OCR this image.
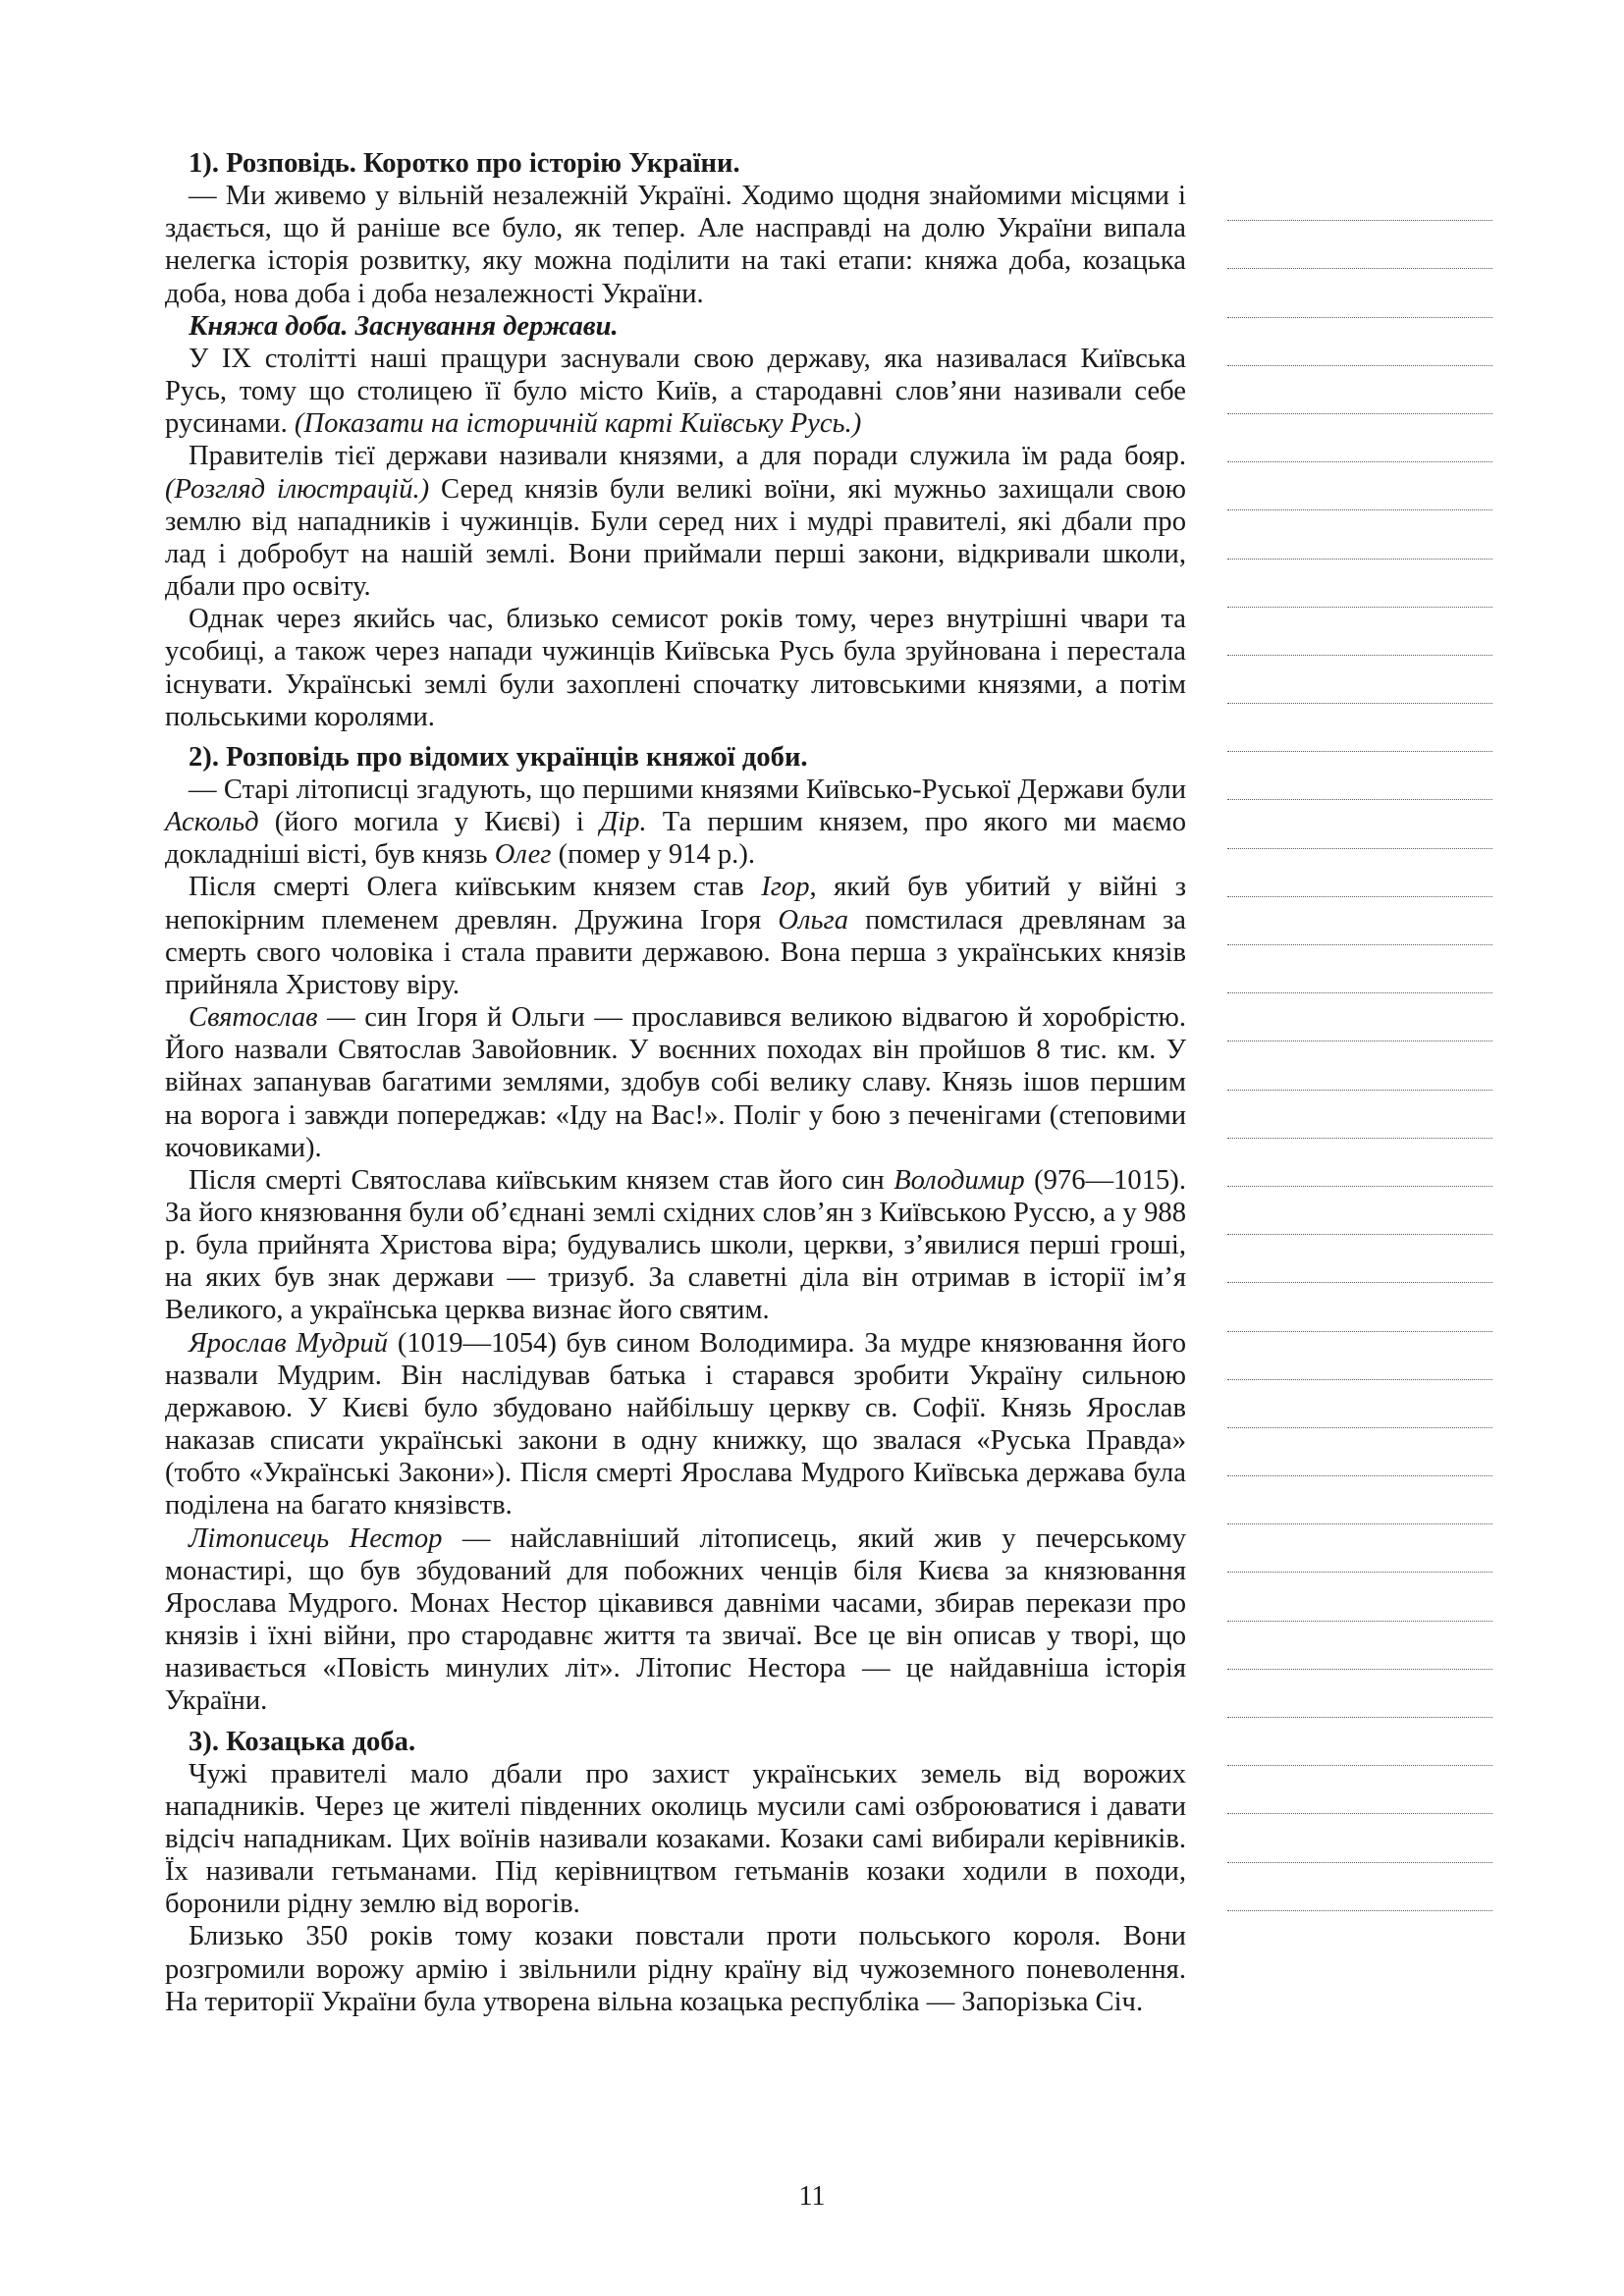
1). Розповідь. Коротко про історію України.

— Ми живемо у вільній незалежній Україні. Ходимо щодня знайомими місцями і здається, що й раніше все було, як тепер. Але насправді на долю України випала нелегка історія розвитку, яку можна поділити на такі етапи: княжа доба, козацька доба, нова доба і доба незалежності України.

Княжа доба. Заснування держави.

У IX столітті наші пращури заснували свою державу, яка називалася Київська Русь, тому що столицею її було місто Київ, а стародавні слов’яни називали себе русинами. (Показати на історичній карті Київську Русь.)

Правителів тієї держави називали князями, а для поради служила їм рада бояр. (Розгляд ілюстрацій.) Серед князів були великі воїни, які мужньо захищали свою землю від нападників і чужинців. Були серед них і мудрі правителі, які дбали про лад і добробут на нашій землі. Вони приймали перші закони, відкривали школи, дбали про освіту.

Однак через якийсь час, близько семисот років тому, через внутрішні чвари та усобиці, а також через напади чужинців Київська Русь була зруйнована і перестала існувати. Українські землі були захоплені спочатку литовськими князями, а потім польськими королями.

2). Розповідь про відомих українців княжої доби.

— Старі літописці згадують, що першими князями Київсько-Руської Держави були Аскольд (його могила у Києві) і Дір. Та першим князем, про якого ми маємо докладніші вісті, був князь Олег (помер у 914 р.).

Після смерті Олега київським князем став Ігор, який був убитий у війні з непокірним племенем древлян. Дружина Ігоря Ольга помстилася древлянам за смерть свого чоловіка і стала правити державою. Вона перша з українських князів прийняла Христову віру.

Святослав — син Ігоря й Ольги — прославився великою відвагою й хоробрістю. Його назвали Святослав Завойовник. У воєнних походах він пройшов 8 тис. км. У війнах запанував багатими землями, здобув собі велику славу. Князь ішов першим на ворога і завжди попереджав: «Іду на Вас!». Поліг у бою з печенігами (степовими кочовиками).

Після смерті Святослава київським князем став його син Володимир (976—1015). За його князювання були об’єднані землі східних слов’ян з Київською Руссю, а у 988 р. була прийнята Христова віра; будувались школи, церкви, з’явилися перші гроші, на яких був знак держави — тризуб. За славетні діла він отримав в історії ім’я Великого, а українська церква визнає його святим.

Ярослав Мудрий (1019—1054) був сином Володимира. За мудре князювання його назвали Мудрим. Він наслідував батька і старався зробити Україну сильною державою. У Києві було збудовано найбільшу церкву св. Софії. Князь Ярослав наказав списати українські закони в одну книжку, що звалася «Руська Правда» (тобто «Українські Закони»). Після смерті Ярослава Мудрого Київська держава була поділена на багато князівств.

Літописець Нестор — найславніший літописець, який жив у печерському монастирі, що був збудований для побожних ченців біля Києва за князювання Ярослава Мудрого. Монах Нестор цікавився давніми часами, збирав перекази про князів і їхні війни, про стародавнє життя та звичаї. Все це він описав у творі, що називається «Повість минулих літ». Літопис Нестора — це найдавніша історія України.

3). Козацька доба.

Чужі правителі мало дбали про захист українських земель від ворожих нападників. Через це жителі південних околиць мусили самі озброюватися і давати відсіч нападникам. Цих воїнів називали козаками. Козаки самі вибирали керівників. Їх називали гетьманами. Під керівництвом гетьманів козаки ходили в походи, боронили рідну землю від ворогів.

Близько 350 років тому козаки повстали проти польського короля. Вони розгромили ворожу армію і звільнили рідну країну від чужоземного поневолення. На території України була утворена вільна козацька республіка — Запорізька Січ.

11
